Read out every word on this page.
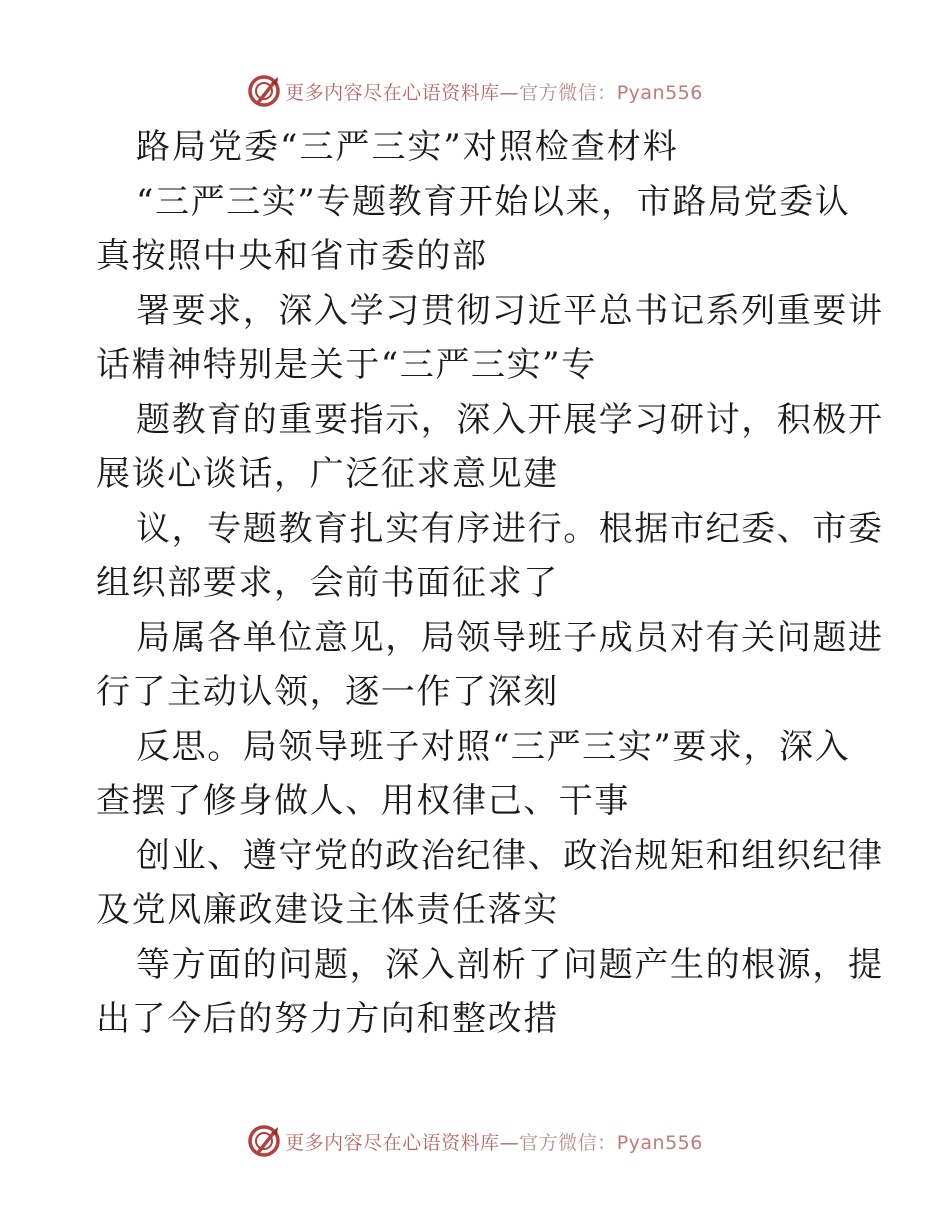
更多内容尽在心语资料库—官方微信：Pyan556
路局党委“三严三实”对照检查材料
“三严三实”专题教育开始以来，市路局党委认
真按照中央和省市委的部
署要求，深入学习贯彻习近平总书记系列重要讲
话精神特别是关于“三严三实”专
题教育的重要指示，深入开展学习研讨，积极开
展谈心谈话，广泛征求意见建
议，专题教育扎实有序进行。根据市纪委、市委
组织部要求，会前书面征求了
局属各单位意见，局领导班子成员对有关问题进
行了主动认领，逐一作了深刻
反思。局领导班子对照“三严三实”要求，深入
查摆了修身做人、用权律己、干事
创业、遵守党的政治纪律、政治规矩和组织纪律
及党风廉政建设主体责任落实
等方面的问题，深入剖析了问题产生的根源，提
出了今后的努力方向和整改措
更多内容尽在心语资料库—官方微信：Pyan556
